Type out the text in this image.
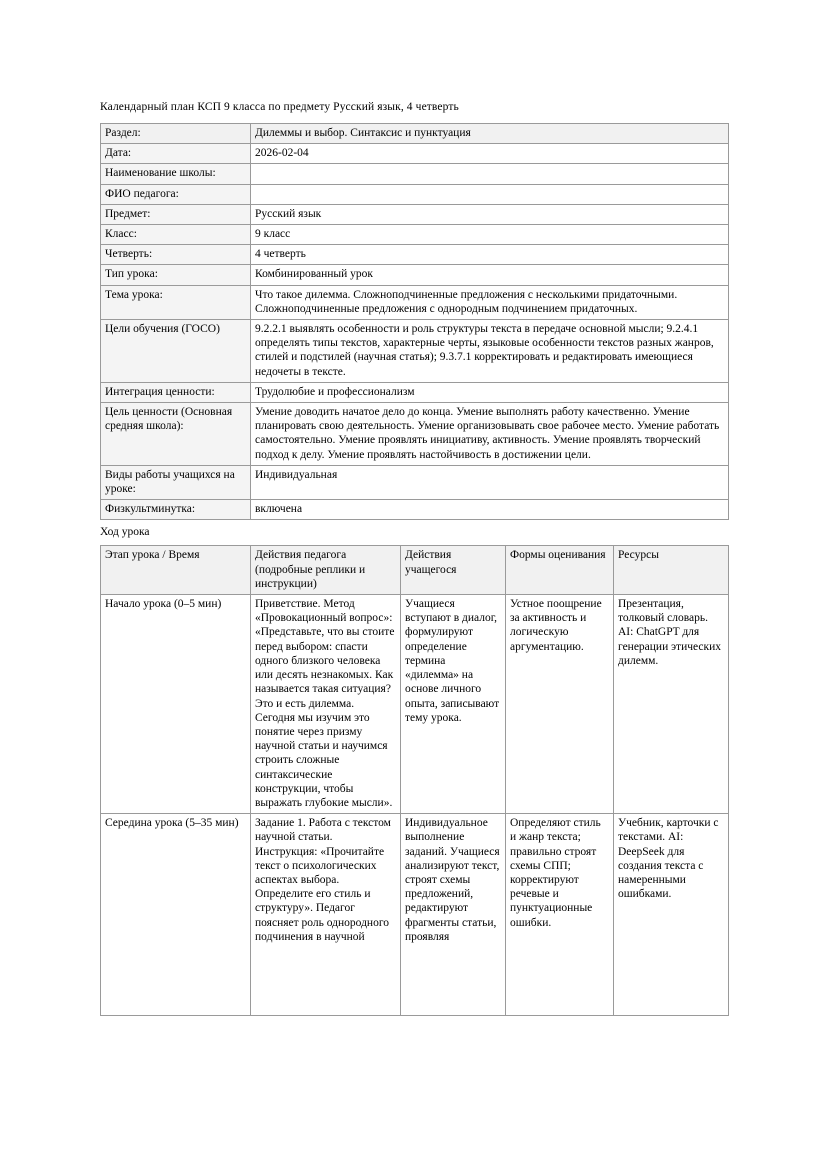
Календарный план КСП 9 класса по предмету Русский язык, 4 четверть

Раздел:	Дилеммы и выбор. Синтаксис и пунктуация
Дата:	2026-02-04
Наименование школы:	
ФИО педагога:	
Предмет:	Русский язык
Класс:	9 класс
Четверть:	4 четверть
Тип урока:	Комбинированный урок
Тема урока:	Что такое дилемма. Сложноподчиненные предложения с несколькими придаточными. Сложноподчиненные предложения с однородным подчинением придаточных.
Цели обучения (ГОСО)	9.2.2.1 выявлять особенности и роль структуры текста в передаче основной мысли; 9.2.4.1 определять типы текстов, характерные черты, языковые особенности текстов разных жанров, стилей и подстилей (научная статья); 9.3.7.1 корректировать и редактировать имеющиеся недочеты в тексте.
Интеграция ценности:	Трудолюбие и профессионализм
Цель ценности (Основная средняя школа):	Умение доводить начатое дело до конца. Умение выполнять работу качественно. Умение планировать свою деятельность. Умение организовывать свое рабочее место. Умение работать самостоятельно. Умение проявлять инициативу, активность. Умение проявлять творческий подход к делу. Умение проявлять настойчивость в достижении цели.
Виды работы учащихся на уроке:	Индивидуальная
Физкультминутка:	включена

Ход урока

Этап урока / Время	Действия педагога (подробные реплики и инструкции)	Действия учащегося	Формы оценивания	Ресурсы

Начало урока (0–5 мин)	Приветствие. Метод «Провокационный вопрос»: «Представьте, что вы стоите перед выбором: спасти одного близкого человека или десять незнакомых. Как называется такая ситуация? Это и есть дилемма. Сегодня мы изучим это понятие через призму научной статьи и научимся строить сложные синтаксические конструкции, чтобы выражать глубокие мысли».	Учащиеся вступают в диалог, формулируют определение термина «дилемма» на основе личного опыта, записывают тему урока.	Устное поощрение за активность и логическую аргументацию.	Презентация, толковый словарь. AI: ChatGPT для генерации этических дилемм.

Середина урока (5–35 мин)	Задание 1. Работа с текстом научной статьи. Инструкция: «Прочитайте текст о психологических аспектах выбора. Определите его стиль и структуру». Педагог поясняет роль однородного подчинения в научной	Индивидуальное выполнение заданий. Учащиеся анализируют текст, строят схемы предложений, редактируют фрагменты статьи, проявляя	Определяют стиль и жанр текста; правильно строят схемы СПП; корректируют речевые и пунктуационные ошибки.	Учебник, карточки с текстами. AI: DeepSeek для создания текста с намеренными ошибками.
